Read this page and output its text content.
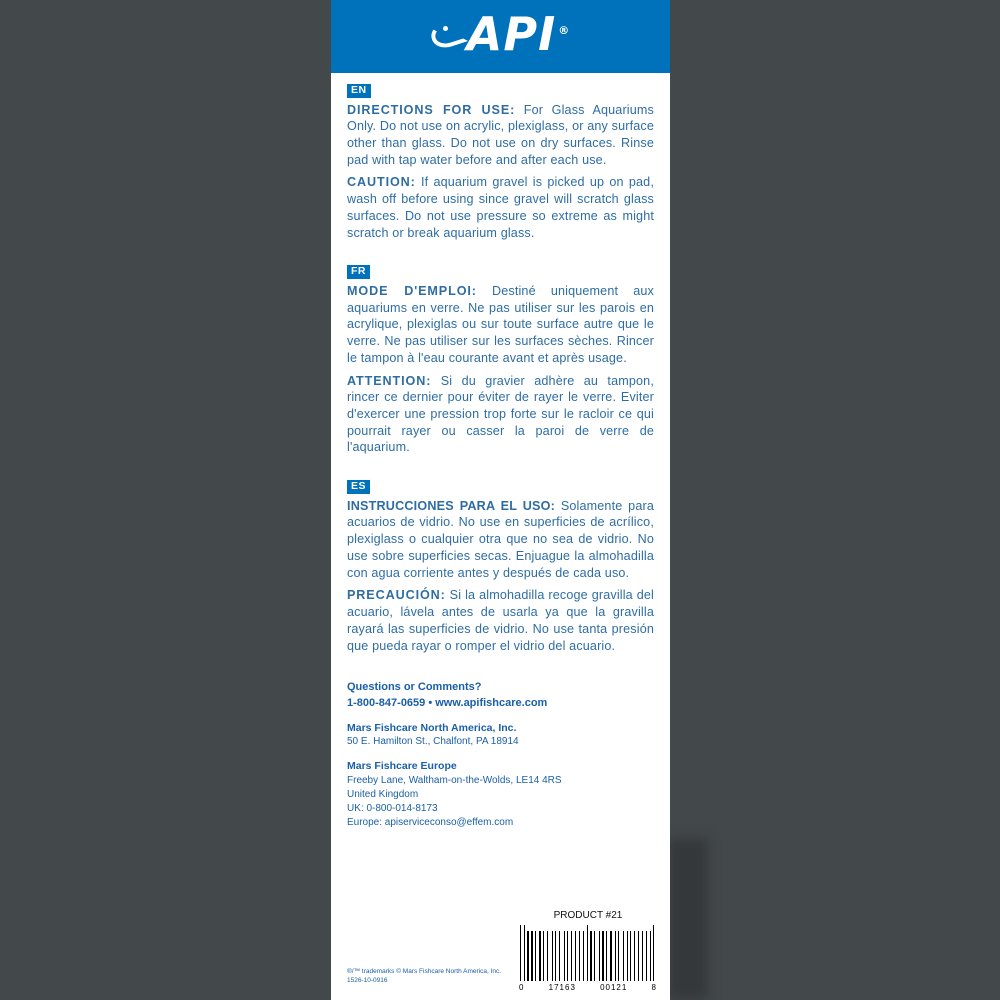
API ®
EN

DIRECTIONS FOR USE: For Glass Aquariums Only. Do not use on acrylic, plexiglass, or any surface other than glass. Do not use on dry surfaces. Rinse pad with tap water before and after each use.

CAUTION: If aquarium gravel is picked up on pad, wash off before using since gravel will scratch glass surfaces. Do not use pressure so extreme as might scratch or break aquarium glass.

FR

MODE D'EMPLOI: Destiné uniquement aux aquariums en verre. Ne pas utiliser sur les parois en acrylique, plexiglas ou sur toute surface autre que le verre. Ne pas utiliser sur les surfaces sèches. Rincer le tampon à l'eau courante avant et après usage.

ATTENTION: Si du gravier adhère au tampon, rincer ce dernier pour éviter de rayer le verre. Eviter d'exercer une pression trop forte sur le racloir ce qui pourrait rayer ou casser la paroi de verre de l'aquarium.

ES

INSTRUCCIONES PARA EL USO: Solamente para acuarios de vidrio. No use en superficies de acrílico, plexiglass o cualquier otra que no sea de vidrio. No use sobre superficies secas. Enjuague la almohadilla con agua corriente antes y después de cada uso.

PRECAUCIÓN: Si la almohadilla recoge gravilla del acuario, lávela antes de usarla ya que la gravilla rayará las superficies de vidrio. No use tanta presión que pueda rayar o romper el vidrio del acuario.

Questions or Comments?

1-800-847-0659 • www.apifishcare.com

Mars Fishcare North America, Inc.

50 E. Hamilton St., Chalfont, PA 18914

Mars Fishcare Europe

Freeby Lane, Waltham-on-the-Wolds, LE14 4RS

United Kingdom

UK: 0-800-014-8173

Europe: apiserviceconso@effem.com

®/™ trademarks © Mars Fishcare North America, Inc.

1526-10-0916

PRODUCT #21

0	17163	00121	8
